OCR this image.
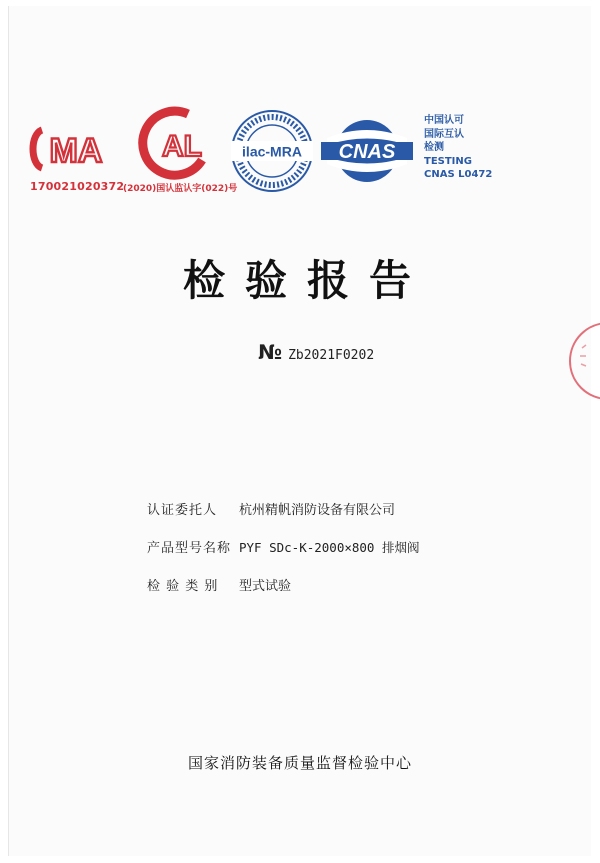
MA
170021020372
AL
(2020)国认监认字(022)号
ilac-MRA CNAS
中国认可
国际互认
检测
TESTING
CNAS L0472
检验报告
№ Zb2021F0202
认证委托人	杭州精帆消防设备有限公司
产品型号名称 PYF SDc-K-2000×800 排烟阀
检 验 类 别	型式试验
国家消防装备质量监督检验中心
